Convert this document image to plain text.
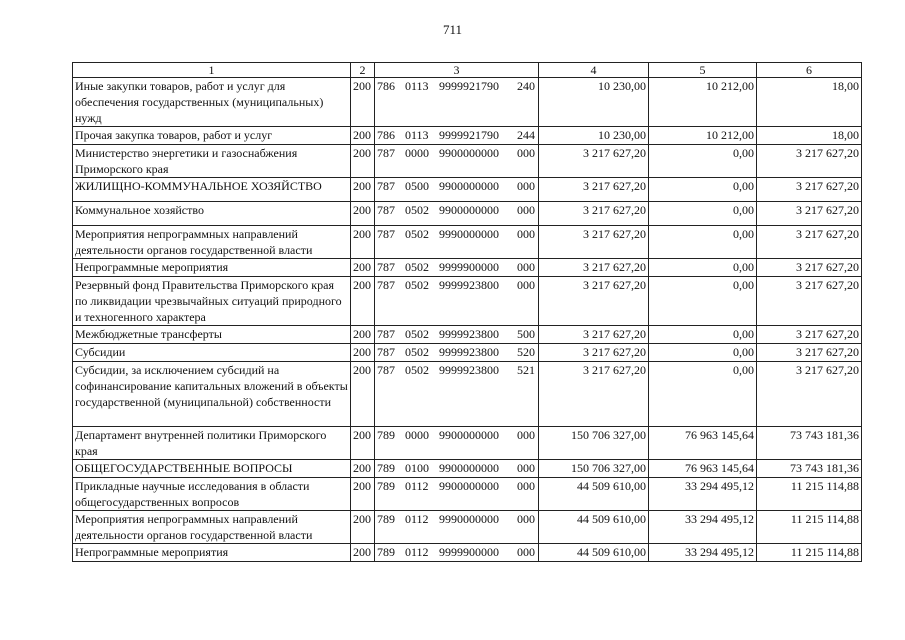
711
1	2	3	4	5	6
Иные закупки товаров, работ и услуг для обеспечения государственных (муниципальных) нужд	200	786 0113 9999921790 240	10 230,00	10 212,00	18,00
Прочая закупка товаров, работ и услуг	200	786 0113 9999921790 244	10 230,00	10 212,00	18,00
Министерство энергетики и газоснабжения Приморского края	200	787 0000 9900000000 000	3 217 627,20	0,00	3 217 627,20
ЖИЛИЩНО-КОММУНАЛЬНОЕ ХОЗЯЙСТВО	200	787 0500 9900000000 000	3 217 627,20	0,00	3 217 627,20
Коммунальное хозяйство	200	787 0502 9900000000 000	3 217 627,20	0,00	3 217 627,20
Мероприятия непрограммных направлений деятельности органов государственной власти	200	787 0502 9990000000 000	3 217 627,20	0,00	3 217 627,20
Непрограммные мероприятия	200	787 0502 9999900000 000	3 217 627,20	0,00	3 217 627,20
Резервный фонд Правительства Приморского края по ликвидации чрезвычайных ситуаций природного и техногенного характера	200	787 0502 9999923800 000	3 217 627,20	0,00	3 217 627,20
Межбюджетные трансферты	200	787 0502 9999923800 500	3 217 627,20	0,00	3 217 627,20
Субсидии	200	787 0502 9999923800 520	3 217 627,20	0,00	3 217 627,20
Субсидии, за исключением субсидий на софинансирование капитальных вложений в объекты государственной (муниципальной) собственности	200	787 0502 9999923800 521	3 217 627,20	0,00	3 217 627,20
Департамент внутренней политики Приморского края	200	789 0000 9900000000 000	150 706 327,00	76 963 145,64	73 743 181,36
ОБЩЕГОСУДАРСТВЕННЫЕ ВОПРОСЫ	200	789 0100 9900000000 000	150 706 327,00	76 963 145,64	73 743 181,36
Прикладные научные исследования в области общегосударственных вопросов	200	789 0112 9900000000 000	44 509 610,00	33 294 495,12	11 215 114,88
Мероприятия непрограммных направлений деятельности органов государственной власти	200	789 0112 9990000000 000	44 509 610,00	33 294 495,12	11 215 114,88
Непрограммные мероприятия	200	789 0112 9999900000 000	44 509 610,00	33 294 495,12	11 215 114,88
